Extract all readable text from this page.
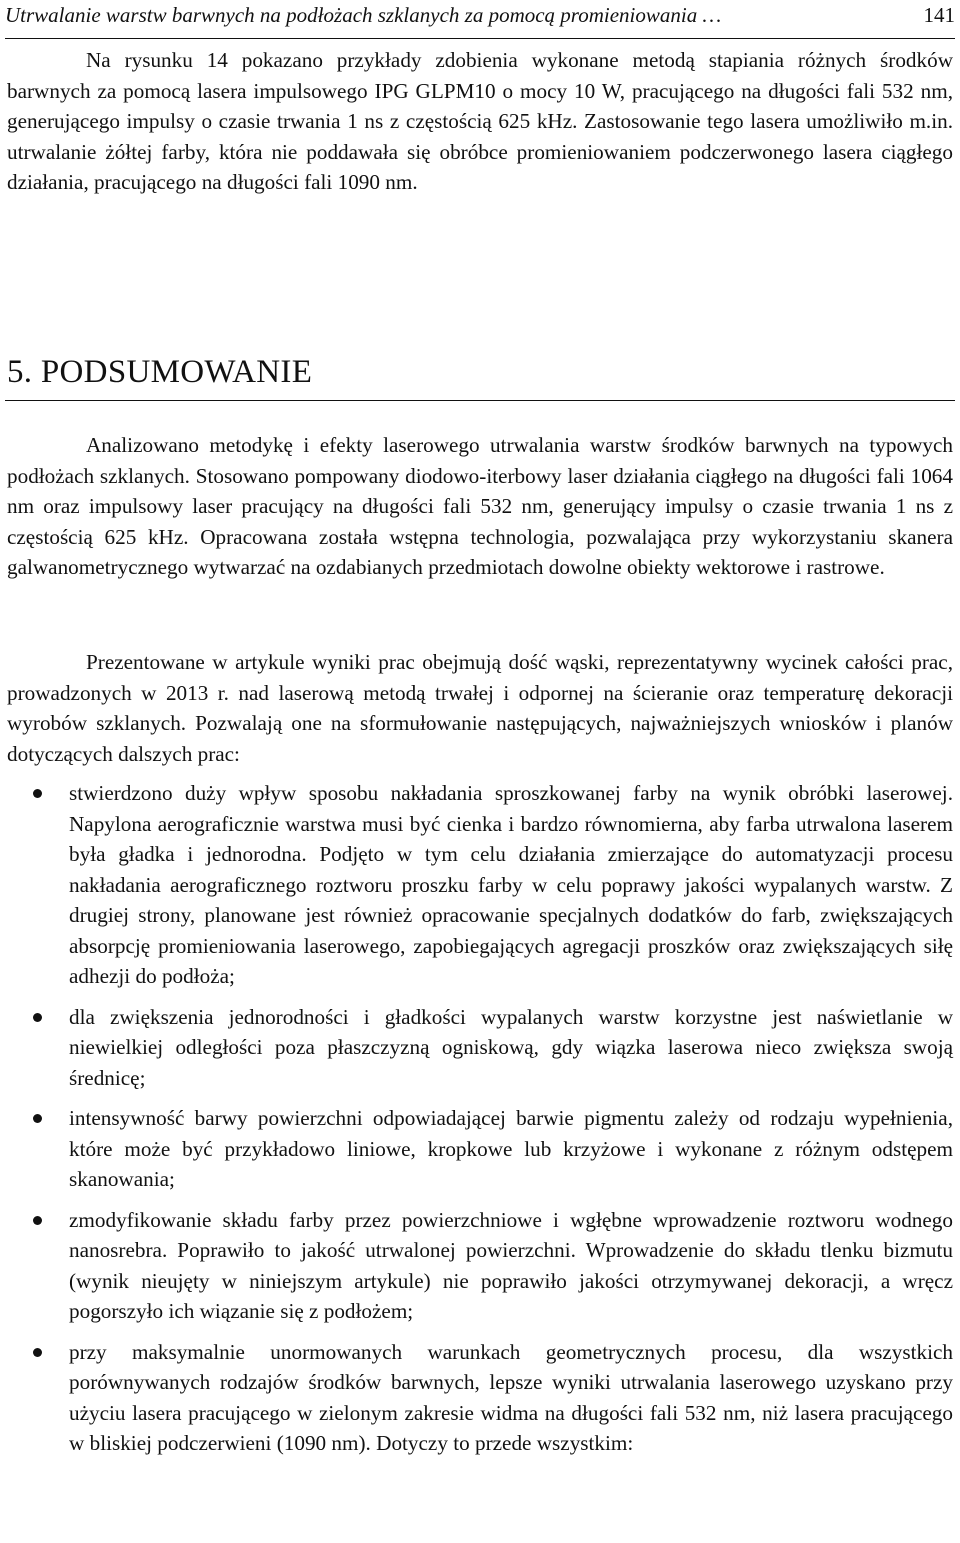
Utrwalanie warstw barwnych na podłożach szklanych za pomocą promieniowania …	141

Na rysunku 14 pokazano przykłady zdobienia wykonane metodą stapiania różnych środków barwnych za pomocą lasera impulsowego IPG GLPM10 o mocy 10 W, pracującego na długości fali 532 nm, generującego impulsy o czasie trwania 1 ns z częstością 625 kHz. Zastosowanie tego lasera umożliwiło m.in. utrwalanie żółtej farby, która nie poddawała się obróbce promieniowaniem podczerwonego lasera ciągłego działania, pracującego na długości fali 1090 nm.

5. PODSUMOWANIE

Analizowano metodykę i efekty laserowego utrwalania warstw środków barwnych na typowych podłożach szklanych. Stosowano pompowany diodowo-iterbowy laser działania ciągłego na długości fali 1064 nm oraz impulsowy laser pracujący na długości fali 532 nm, generujący impulsy o czasie trwania 1 ns z częstością 625 kHz. Opracowana została wstępna technologia, pozwalająca przy wykorzystaniu skanera galwanometrycznego wytwarzać na ozdabianych przedmiotach dowolne obiekty wektorowe i rastrowe.

Prezentowane w artykule wyniki prac obejmują dość wąski, reprezentatywny wycinek całości prac, prowadzonych w 2013 r. nad laserową metodą trwałej i odpornej na ścieranie oraz temperaturę dekoracji wyrobów szklanych. Pozwalają one na sformułowanie następujących, najważniejszych wniosków i planów dotyczących dalszych prac:

stwierdzono duży wpływ sposobu nakładania sproszkowanej farby na wynik obróbki laserowej. Napylona aerograficznie warstwa musi być cienka i bardzo równomierna, aby farba utrwalona laserem była gładka i jednorodna. Podjęto w tym celu działania zmierzające do automatyzacji procesu nakładania aerograficznego roztworu proszku farby w celu poprawy jakości wypalanych warstw. Z drugiej strony, planowane jest również opracowanie specjalnych dodatków do farb, zwiększających absorpcję promieniowania laserowego, zapobiegających agregacji proszków oraz zwiększających siłę adhezji do podłoża;
dla zwiększenia jednorodności i gładkości wypalanych warstw korzystne jest naświetlanie w niewielkiej odległości poza płaszczyzną ogniskową, gdy wiązka laserowa nieco zwiększa swoją średnicę;
intensywność barwy powierzchni odpowiadającej barwie pigmentu zależy od rodzaju wypełnienia, które może być przykładowo liniowe, kropkowe lub krzyżowe i wykonane z różnym odstępem skanowania;
zmodyfikowanie składu farby przez powierzchniowe i wgłębne wprowadzenie roztworu wodnego nanosrebra. Poprawiło to jakość utrwalonej powierzchni. Wprowadzenie do składu tlenku bizmutu (wynik nieujęty w niniejszym artykule) nie poprawiło jakości otrzymywanej dekoracji, a wręcz pogorszyło ich wiązanie się z podłożem;
przy maksymalnie unormowanych warunkach geometrycznych procesu, dla wszystkich porównywanych rodzajów środków barwnych, lepsze wyniki utrwalania laserowego uzyskano przy użyciu lasera pracującego w zielonym zakresie widma na długości fali 532 nm, niż lasera pracującego w bliskiej podczerwieni (1090 nm). Dotyczy to przede wszystkim:
